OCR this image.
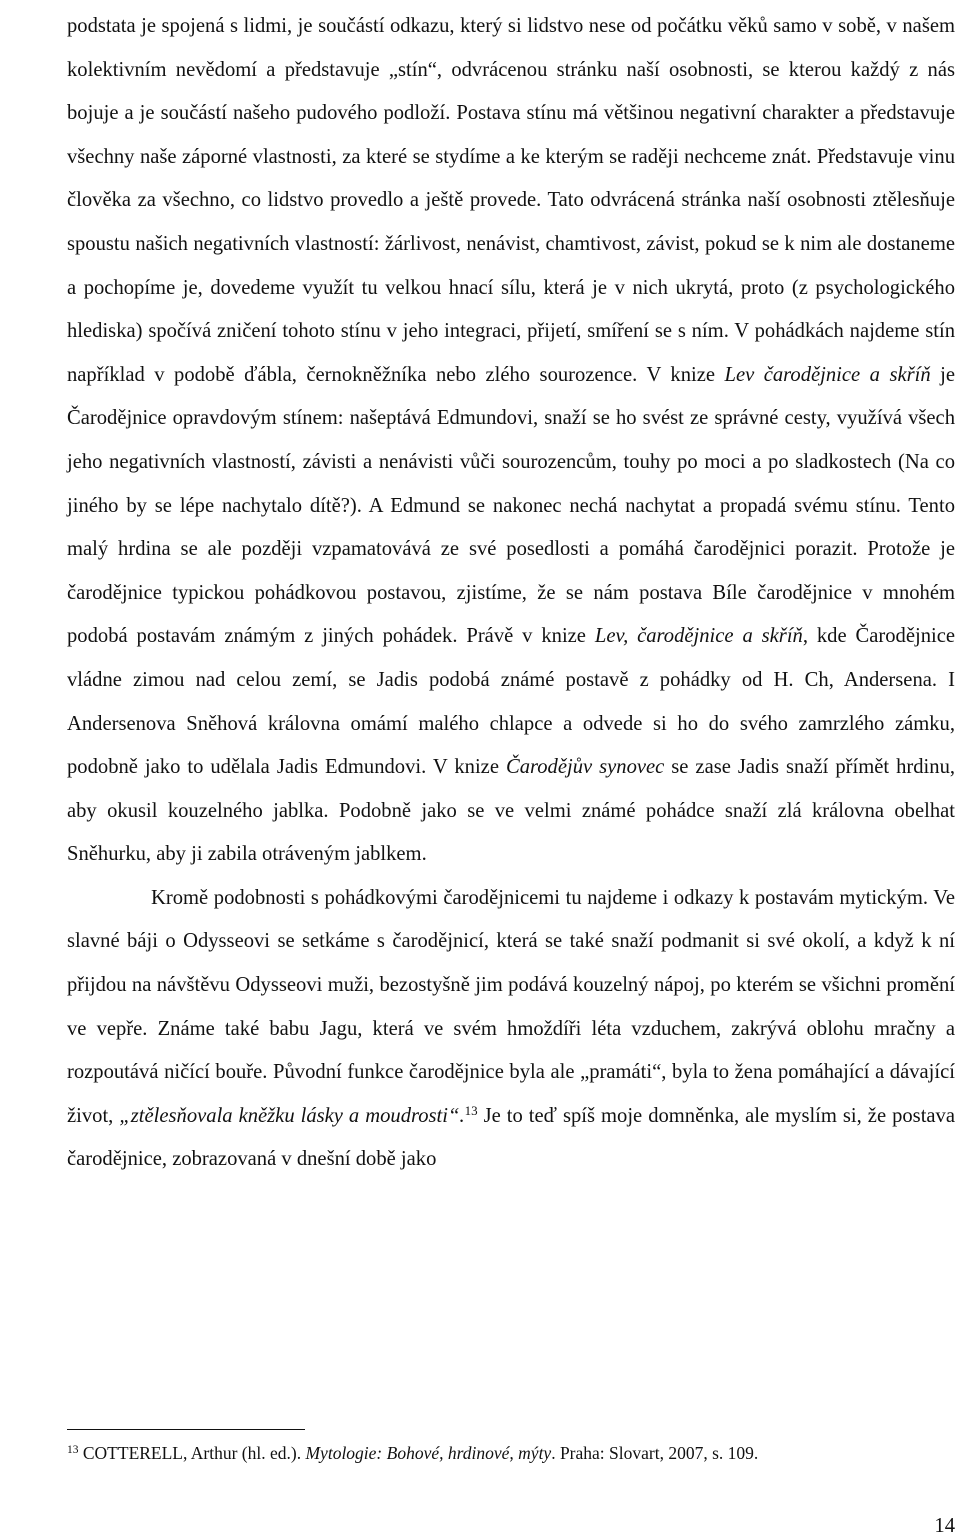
podstata je spojená s lidmi, je součástí odkazu, který si lidstvo nese od počátku věků samo v sobě, v našem kolektivním nevědomí a představuje „stín“, odvrácenou stránku naší osobnosti, se kterou každý z nás bojuje a je součástí našeho pudového podloží. Postava stínu má většinou negativní charakter a představuje všechny naše záporné vlastnosti, za které se stydíme a ke kterým se raději nechceme znát. Představuje vinu člověka za všechno, co lidstvo provedlo a ještě provede. Tato odvrácená stránka naší osobnosti ztělesňuje spoustu našich negativních vlastností: žárlivost, nenávist, chamtivost, závist, pokud se k nim ale dostaneme a pochopíme je, dovedeme využít tu velkou hnací sílu, která je v nich ukrytá, proto (z psychologického hlediska) spočívá zničení tohoto stínu v jeho integraci, přijetí, smíření se s ním. V pohádkách najdeme stín například v podobě ďábla, černokněžníka nebo zlého sourozence. V knize Lev čarodějnice a skříň je Čarodějnice opravdovým stínem: našeptává Edmundovi, snaží se ho svést ze správné cesty, využívá všech jeho negativních vlastností, závisti a nenávisti vůči sourozencům, touhy po moci a po sladkostech (Na co jiného by se lépe nachytalo dítě?). A Edmund se nakonec nechá nachytat a propadá svému stínu. Tento malý hrdina se ale později vzpamatovává ze své posedlosti a pomáhá čarodějnici porazit. Protože je čarodějnice typickou pohádkovou postavou, zjistíme, že se nám postava Bíle čarodějnice v mnohém podobá postavám známým z jiných pohádek. Právě v knize Lev, čarodějnice a skříň, kde Čarodějnice vládne zimou nad celou zemí, se Jadis podobá známé postavě z pohádky od H. Ch, Andersena. I Andersenova Sněhová královna omámí malého chlapce a odvede si ho do svého zamrzlého zámku, podobně jako to udělala Jadis Edmundovi. V knize Čarodějův synovec se zase Jadis snaží přímět hrdinu, aby okusil kouzelného jablka. Podobně jako se ve velmi známé pohádce snaží zlá královna obelhat Sněhurku, aby ji zabila otráveným jablkem.

Kromě podobnosti s pohádkovými čarodějnicemi tu najdeme i odkazy k postavám mytickým. Ve slavné báji o Odysseovi se setkáme s čarodějnicí, která se také snaží podmanit si své okolí, a když k ní přijdou na návštěvu Odysseovi muži, bezostyšně jim podává kouzelný nápoj, po kterém se všichni promění ve vepře. Známe také babu Jagu, která ve svém hmoždíři léta vzduchem, zakrývá oblohu mračny a rozpoutává ničící bouře. Původní funkce čarodějnice byla ale „pramáti“, byla to žena pomáhající a dávající život, „ztělesňovala kněžku lásky a moudrosti“.$^{13}$ Je to teď spíš moje domněnka, ale myslím si, že postava čarodějnice, zobrazovaná v dnešní době jako

$^{13}$ COTTERELL, Arthur (hl. ed.). Mytologie: Bohové, hrdinové, mýty. Praha: Slovart, 2007, s. 109.
14
